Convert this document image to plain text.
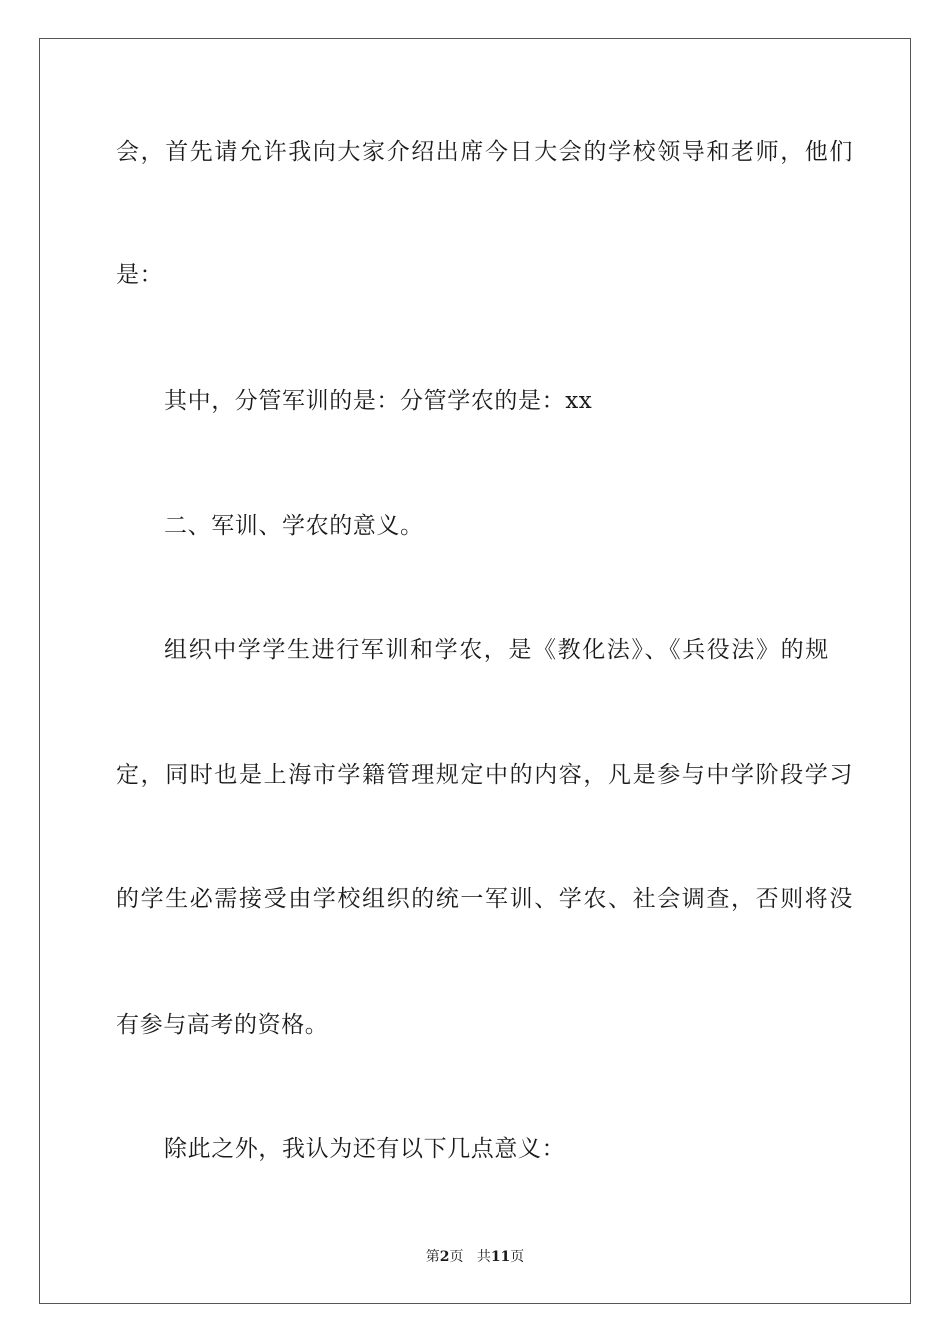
会，首先请允许我向大家介绍出席今日大会的学校领导和老师，他们
是：
其中，分管军训的是：分管学农的是：xx
二、军训、学农的意义。
组织中学学生进行军训和学农，是《教化法》、《兵役法》的规
定，同时也是上海市学籍管理规定中的内容，凡是参与中学阶段学习
的学生必需接受由学校组织的统一军训、学农、社会调查，否则将没
有参与高考的资格。
除此之外，我认为还有以下几点意义：
第2页 共11页
